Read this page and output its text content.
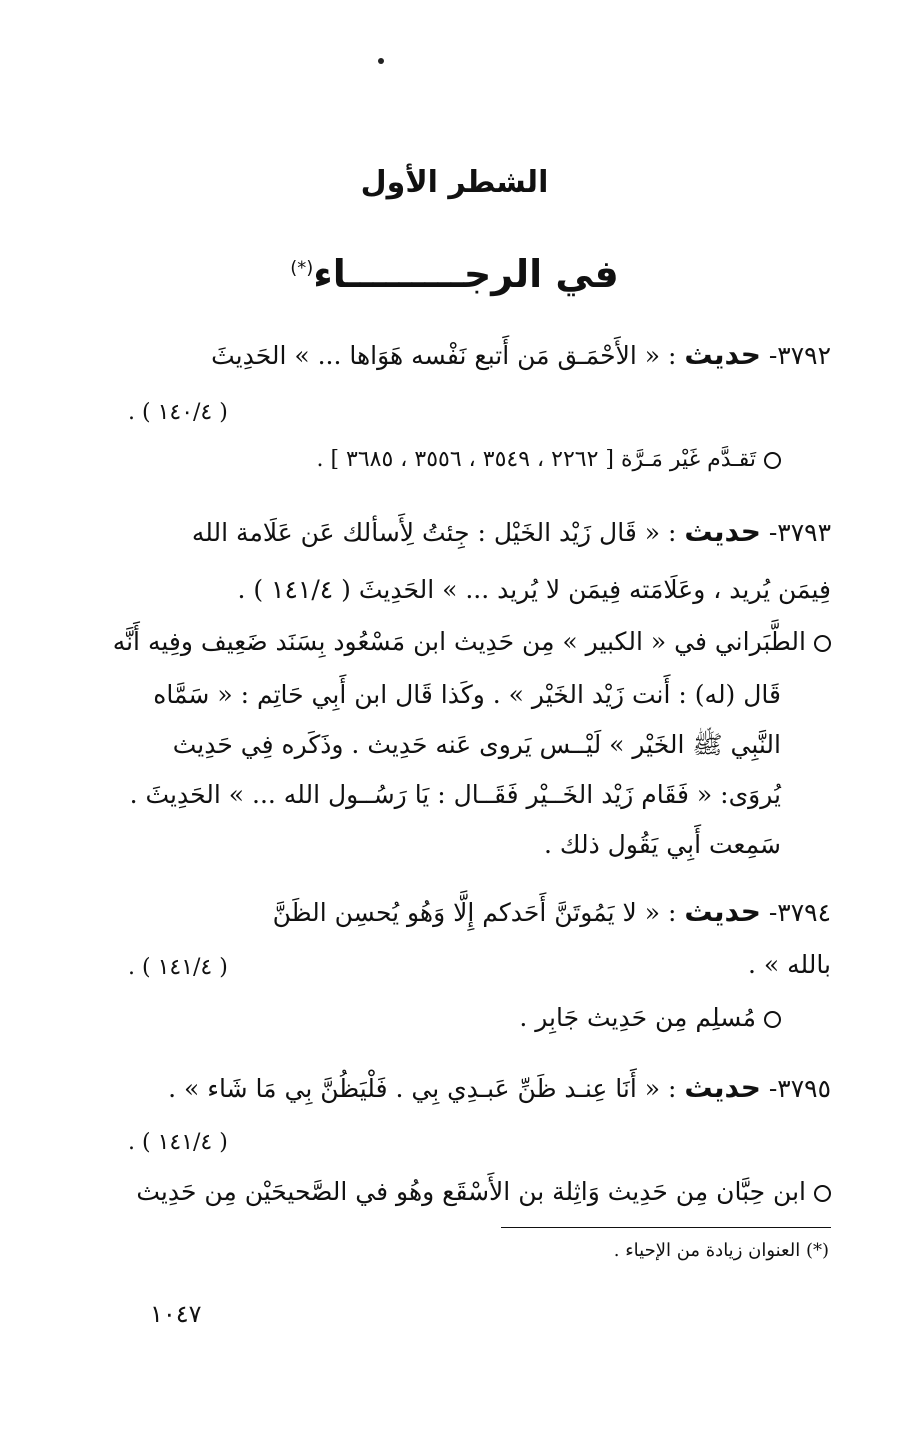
الشطر الأول
في الرجـــــــــاء(*)
٣٧٩٢- حديث : « الأَحْمَـق مَن أَتبع نَفْسه هَوَاها ... » الحَدِيثَ
( ١٤٠/٤ ) .
تَقـدَّم غَيْر مَـرَّة [ ٢٢٦٢ ، ٣٥٤٩ ، ٣٥٥٦ ، ٣٦٨٥ ] .
٣٧٩٣- حديث : « قَال زَيْد الخَيْل : جِئتُ لِأَسألك عَن عَلَامة الله
فِيمَن يُريد ، وعَلَامَته فِيمَن لا يُريد ... » الحَدِيثَ ( ١٤١/٤ ) .
الطَّبَراني في « الكبير » مِن حَدِيث ابن مَسْعُود بِسَنَد ضَعِيف وفِيه أَنَّه
قَال (له) : أَنت زَيْد الخَيْر » . وكَذا قَال ابن أَبِي حَاتِم : « سَمَّاه
النَّبِي ﷺ الخَيْر » لَيْــس يَروى عَنه حَدِيث . وذَكَره فِي حَدِيث
يُروَى: « فَقَام زَيْد الخَــيْر فَقَــال : يَا رَسُــول الله ... » الحَدِيثَ .
سَمِعت أَبِي يَقُول ذلك .
٣٧٩٤- حديث : « لا يَمُوتَنَّ أَحَدكم إِلَّا وَهُو يُحسِن الظَنَّ
بالله » .
( ١٤١/٤ ) .
مُسلِم مِن حَدِيث جَابِر .
٣٧٩٥- حديث : « أَنَا عِنـد ظَنِّ عَبـدِي بِي . فَلْيَظُنَّ بِي مَا شَاء » .
( ١٤١/٤ ) .
ابن حِبَّان مِن حَدِيث وَاثِلة بن الأَسْقَع وهُو في الصَّحيحَيْن مِن حَدِيث
(*) العنوان زيادة من الإحياء .
١٠٤٧
